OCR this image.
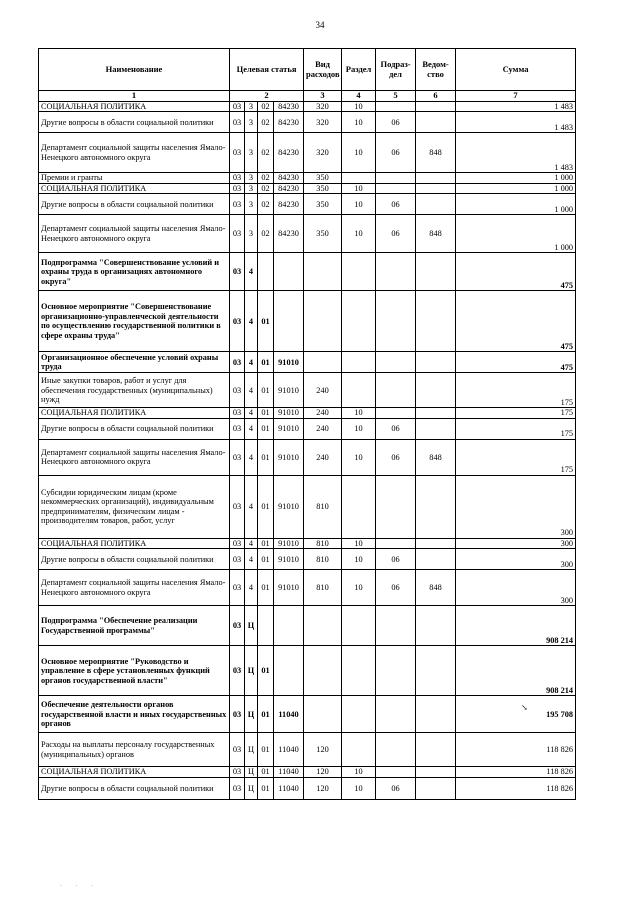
34
Наименование	Целевая статья				Вид расходов	Раздел	Подраз-дел	Ведом-ство	Сумма
1	2				3	4	5	6	7
СОЦИАЛЬНАЯ ПОЛИТИКА	03	3	02	84230	320	10			1 483
Другие вопросы в области социальной политики	03	3	02	84230	320	10	06		1 483
Департамент социальной защиты населения Ямало-Ненецкого автономного округа	03	3	02	84230	320	10	06	848	1 483
Премии и гранты	03	3	02	84230	350				1 000
СОЦИАЛЬНАЯ ПОЛИТИКА	03	3	02	84230	350	10			1 000
Другие вопросы в области социальной политики	03	3	02	84230	350	10	06		1 000
Департамент социальной защиты населения Ямало-Ненецкого автономного округа	03	3	02	84230	350	10	06	848	1 000
Подпрограмма "Совершенствование условий и охраны труда в организациях автономного округа"	03	4							475
Основное мероприятие "Совершенствование организационно-управленческой деятельности по осуществлению государственной политики в сфере охраны труда"	03	4	01						475
Организационное обеспечение условий охраны труда	03	4	01	91010					475
Иные закупки товаров, работ и услуг для обеспечения государственных (муниципальных) нужд	03	4	01	91010	240				175
СОЦИАЛЬНАЯ ПОЛИТИКА	03	4	01	91010	240	10			175
Другие вопросы в области социальной политики	03	4	01	91010	240	10	06		175
Департамент социальной защиты населения Ямало-Ненецкого автономного округа	03	4	01	91010	240	10	06	848	175
Субсидии юридическим лицам (кроме некоммерческих организаций), индивидуальным предпринимателям, физическим лицам - производителям товаров, работ, услуг	03	4	01	91010	810				300
СОЦИАЛЬНАЯ ПОЛИТИКА	03	4	01	91010	810	10			300
Другие вопросы в области социальной политики	03	4	01	91010	810	10	06		300
Департамент социальной защиты населения Ямало-Ненецкого автономного округа	03	4	01	91010	810	10	06	848	300
Подпрограмма "Обеспечение реализации Государственной программы"	03	Ц							908 214
Основное мероприятие "Руководство и управление в сфере установленных функций органов государственной власти"	03	Ц	01						908 214
Обеспечение деятельности органов государственной власти и иных государственных органов	03	Ц	01	11040					195 708
Расходы на выплаты персоналу государственных (муниципальных) органов	03	Ц	01	11040	120				118 826
СОЦИАЛЬНАЯ ПОЛИТИКА	03	Ц	01	11040	120	10			118 826
Другие вопросы в области социальной политики	03	Ц	01	11040	120	10	06		118 826
↘
. . .
